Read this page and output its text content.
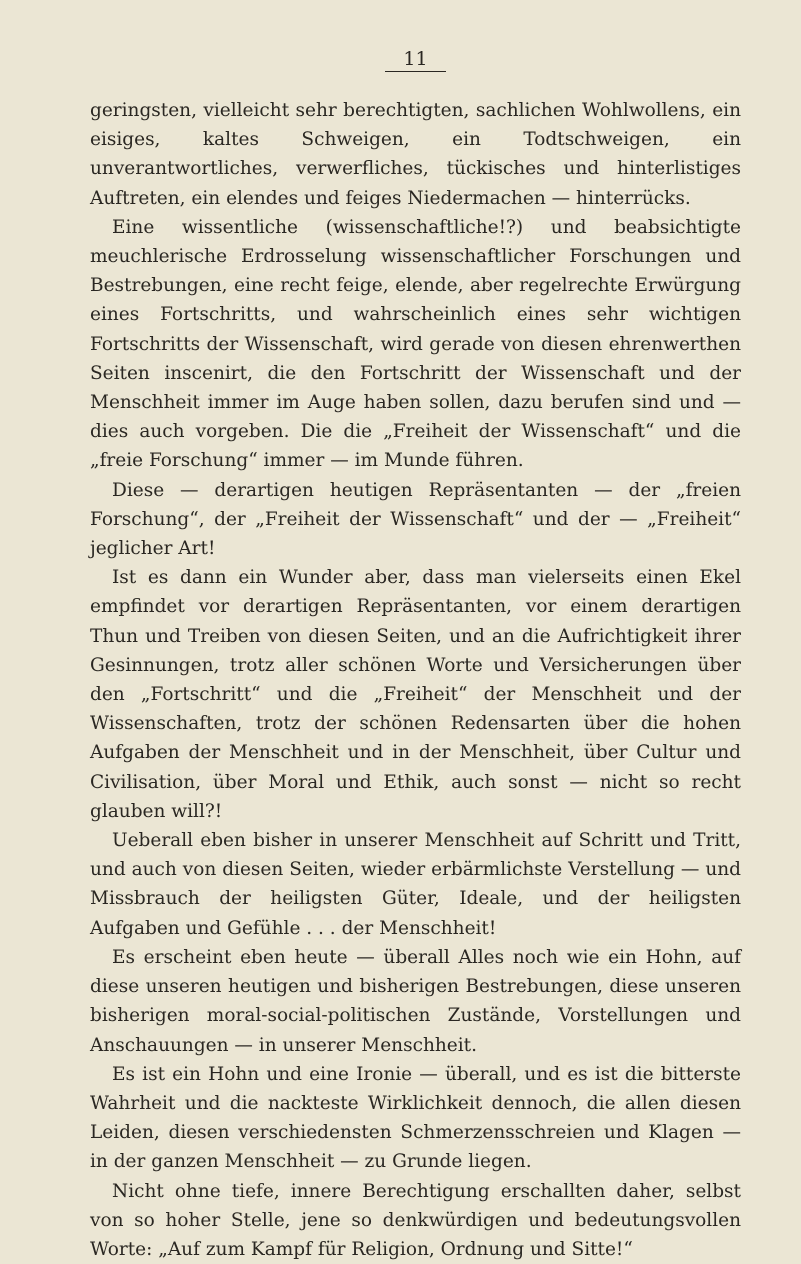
11

geringsten, vielleicht sehr berechtigten, sachlichen Wohlwollens, ein eisiges, kaltes Schweigen, ein Todtschweigen, ein unverantwortliches, verwerfliches, tückisches und hinterlistiges Auftreten, ein elendes und feiges Niedermachen — hinterrücks.

Eine wissentliche (wissenschaftliche!?) und beabsichtigte meuchlerische Erdrosselung wissenschaftlicher Forschungen und Bestrebungen, eine recht feige, elende, aber regelrechte Erwürgung eines Fortschritts, und wahrscheinlich eines sehr wichtigen Fortschritts der Wissenschaft, wird gerade von diesen ehrenwerthen Seiten inscenirt, die den Fortschritt der Wissenschaft und der Menschheit immer im Auge haben sollen, dazu berufen sind und — dies auch vorgeben. Die die „Freiheit der Wissenschaft“ und die „freie Forschung“ immer — im Munde führen.

Diese — derartigen heutigen Repräsentanten — der „freien Forschung“, der „Freiheit der Wissenschaft“ und der — „Freiheit“ jeglicher Art!

Ist es dann ein Wunder aber, dass man vielerseits einen Ekel empfindet vor derartigen Repräsentanten, vor einem derartigen Thun und Treiben von diesen Seiten, und an die Aufrichtigkeit ihrer Gesinnungen, trotz aller schönen Worte und Versicherungen über den „Fortschritt“ und die „Freiheit“ der Menschheit und der Wissenschaften, trotz der schönen Redensarten über die hohen Aufgaben der Menschheit und in der Menschheit, über Cultur und Civilisation, über Moral und Ethik, auch sonst — nicht so recht glauben will?!

Ueberall eben bisher in unserer Menschheit auf Schritt und Tritt, und auch von diesen Seiten, wieder erbärmlichste Verstellung — und Missbrauch der heiligsten Güter, Ideale, und der heiligsten Aufgaben und Gefühle . . . der Menschheit!

Es erscheint eben heute — überall Alles noch wie ein Hohn, auf diese unseren heutigen und bisherigen Bestrebungen, diese unseren bisherigen moral-social-politischen Zustände, Vorstellungen und Anschauungen — in unserer Menschheit.

Es ist ein Hohn und eine Ironie — überall, und es ist die bitterste Wahrheit und die nackteste Wirklichkeit dennoch, die allen diesen Leiden, diesen verschiedensten Schmerzensschreien und Klagen — in der ganzen Menschheit — zu Grunde liegen.

Nicht ohne tiefe, innere Berechtigung erschallten daher, selbst von so hoher Stelle, jene so denkwürdigen und bedeutungsvollen Worte: „Auf zum Kampf für Religion, Ordnung und Sitte!“
